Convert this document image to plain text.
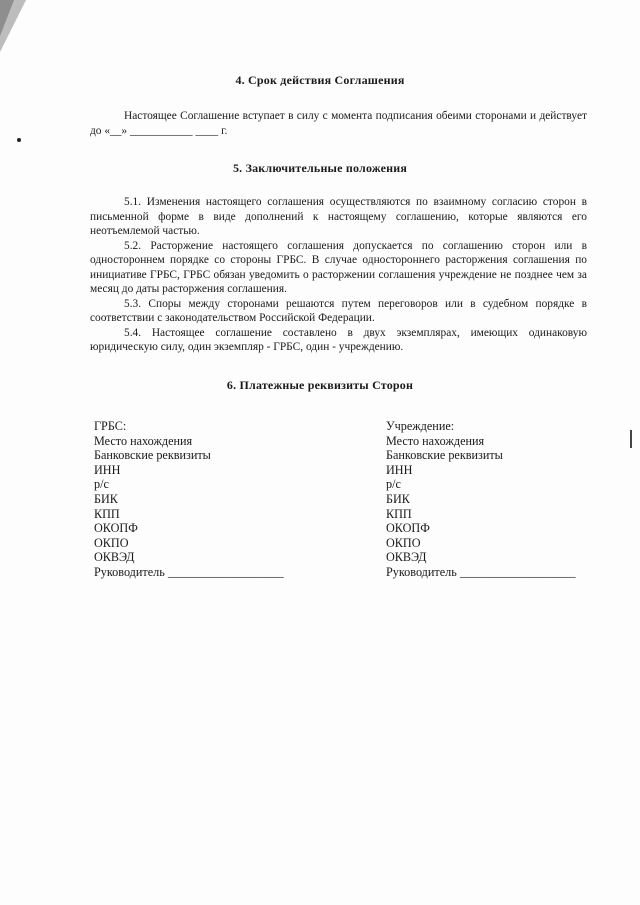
4. Срок действия Соглашения

Настоящее Соглашение вступает в силу с момента подписания обеими сторонами и действует до «__» ___________ ____ г.

5. Заключительные положения

5.1. Изменения настоящего соглашения осуществляются по взаимному согласию сторон в письменной форме в виде дополнений к настоящему соглашению, которые являются его неотъемлемой частью.

5.2. Расторжение настоящего соглашения допускается по соглашению сторон или в одностороннем порядке со стороны ГРБС. В случае одностороннего расторжения соглашения по инициативе ГРБС, ГРБС обязан уведомить о расторжении соглашения учреждение не позднее чем за месяц до даты расторжения соглашения.

5.3. Споры между сторонами решаются путем переговоров или в судебном порядке в соответствии с законодательством Российской Федерации.

5.4. Настоящее соглашение составлено в двух экземплярах, имеющих одинаковую юридическую силу, один экземпляр - ГРБС, один - учреждению.

6. Платежные реквизиты Сторон
ГРБС:
Место нахождения
Банковские реквизиты
ИНН
р/с
БИК
КПП
ОКОПФ
ОКПО
ОКВЭД
Руководитель ___________________
Учреждение:
Место нахождения
Банковские реквизиты
ИНН
р/с
БИК
КПП
ОКОПФ
ОКПО
ОКВЭД
Руководитель ___________________
